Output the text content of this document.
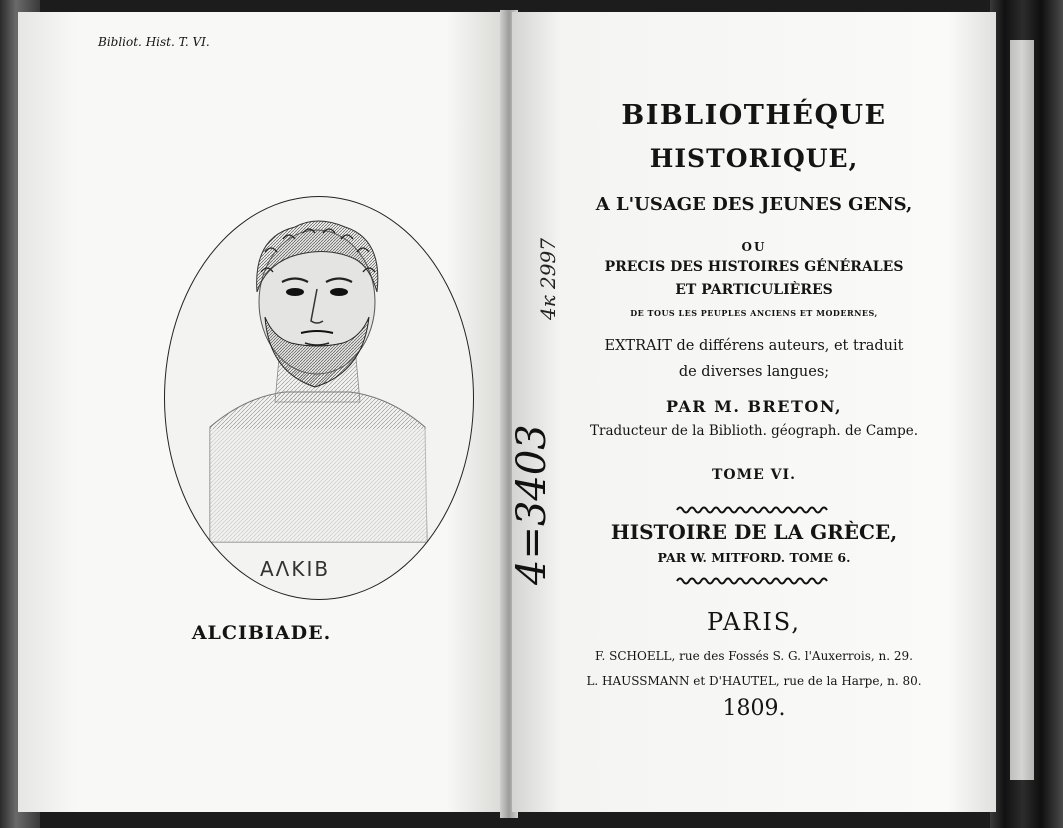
Bibliot. Hist. T. VI.
ΑΛΚΙΒ	Giraud sculp.
ALCIBIADE.
BIBLIOTHÉQUE
HISTORIQUE,
A L'USAGE DES JEUNES GENS,
OU
PRECIS DES HISTOIRES GÉNÉRALES
ET PARTICULIÈRES
DE TOUS LES PEUPLES ANCIENS ET MODERNES,
EXTRAIT de différens auteurs, et traduit
de diverses langues;
PAR M. BRETON,
Traducteur de la Biblioth. géograph. de Campe.
TOME VI.
HISTOIRE DE LA GRÈCE,
PAR W. MITFORD. TOME 6.
PARIS,
F. SCHOELL, rue des Fossés S. G. l'Auxerrois, n. 29.
L. HAUSSMANN et D'HAUTEL, rue de la Harpe, n. 80.
1809.
4=3403
4к 2997
